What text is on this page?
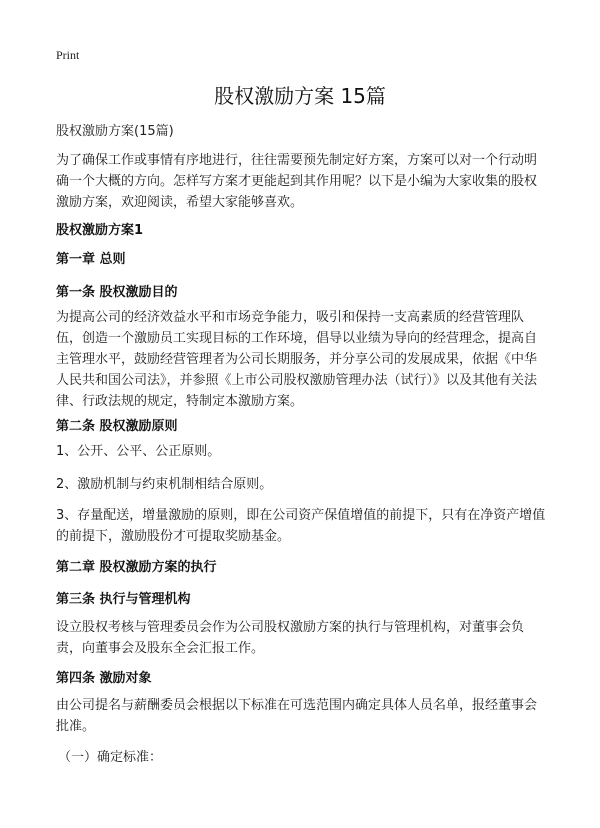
Print
股权激励方案 15篇
股权激励方案(15篇)
为了确保工作或事情有序地进行，往往需要预先制定好方案，方案可以对一个行动明确一个大概的方向。怎样写方案才更能起到其作用呢？以下是小编为大家收集的股权激励方案，欢迎阅读，希望大家能够喜欢。
股权激励方案1
第一章 总则
第一条 股权激励目的
为提高公司的经济效益水平和市场竞争能力，吸引和保持一支高素质的经营管理队伍，创造一个激励员工实现目标的工作环境，倡导以业绩为导向的经营理念，提高自主管理水平，鼓励经营管理者为公司长期服务，并分享公司的发展成果，依据《中华人民共和国公司法》，并参照《上市公司股权激励管理办法（试行）》以及其他有关法律、行政法规的规定，特制定本激励方案。
第二条 股权激励原则
1、公开、公平、公正原则。
2、激励机制与约束机制相结合原则。
3、存量配送，增量激励的原则，即在公司资产保值增值的前提下，只有在净资产增值的前提下，激励股份才可提取奖励基金。
第二章 股权激励方案的执行
第三条 执行与管理机构
设立股权考核与管理委员会作为公司股权激励方案的执行与管理机构，对董事会负责，向董事会及股东全会汇报工作。
第四条 激励对象
由公司提名与薪酬委员会根据以下标准在可选范围内确定具体人员名单，报经董事会批准。
（一）确定标准：
